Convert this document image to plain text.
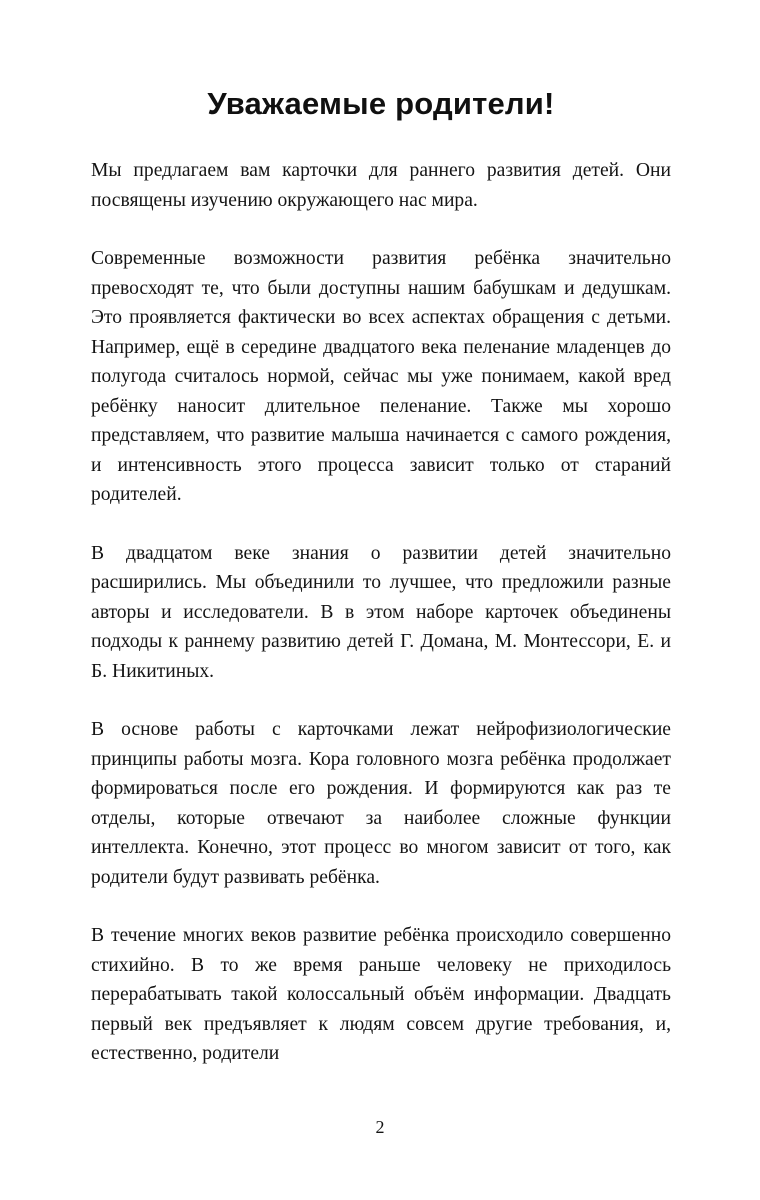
Уважаемые родители!

Мы предлагаем вам карточки для раннего развития детей. Они посвящены изучению окружающего нас мира.

Современные возможности развития ребёнка значительно превосходят те, что были доступны нашим бабушкам и дедушкам. Это проявляется фактически во всех аспектах обращения с детьми. Например, ещё в середине двадцатого века пеленание младенцев до полугода считалось нормой, сейчас мы уже понимаем, какой вред ребёнку наносит длительное пеленание. Также мы хорошо представляем, что развитие малыша начинается с самого рождения, и интенсивность этого процесса зависит только от стараний родителей.

В двадцатом веке знания о развитии детей значительно расширились. Мы объединили то лучшее, что предложили разные авторы и исследователи. В в этом наборе карточек объединены подходы к раннему развитию детей Г. Домана, М. Монтессори, Е. и Б. Никитиных.

В основе работы с карточками лежат нейрофизиологические принципы работы мозга. Кора головного мозга ребёнка продолжает формироваться после его рождения. И формируются как раз те отделы, которые отвечают за наиболее сложные функции интеллекта. Конечно, этот процесс во многом зависит от того, как родители будут развивать ребёнка.

В течение многих веков развитие ребёнка происходило совершенно стихийно. В то же время раньше человеку не приходилось перерабатывать такой колоссальный объём информации. Двадцать первый век предъявляет к людям совсем другие требования, и, естественно, родители

2
